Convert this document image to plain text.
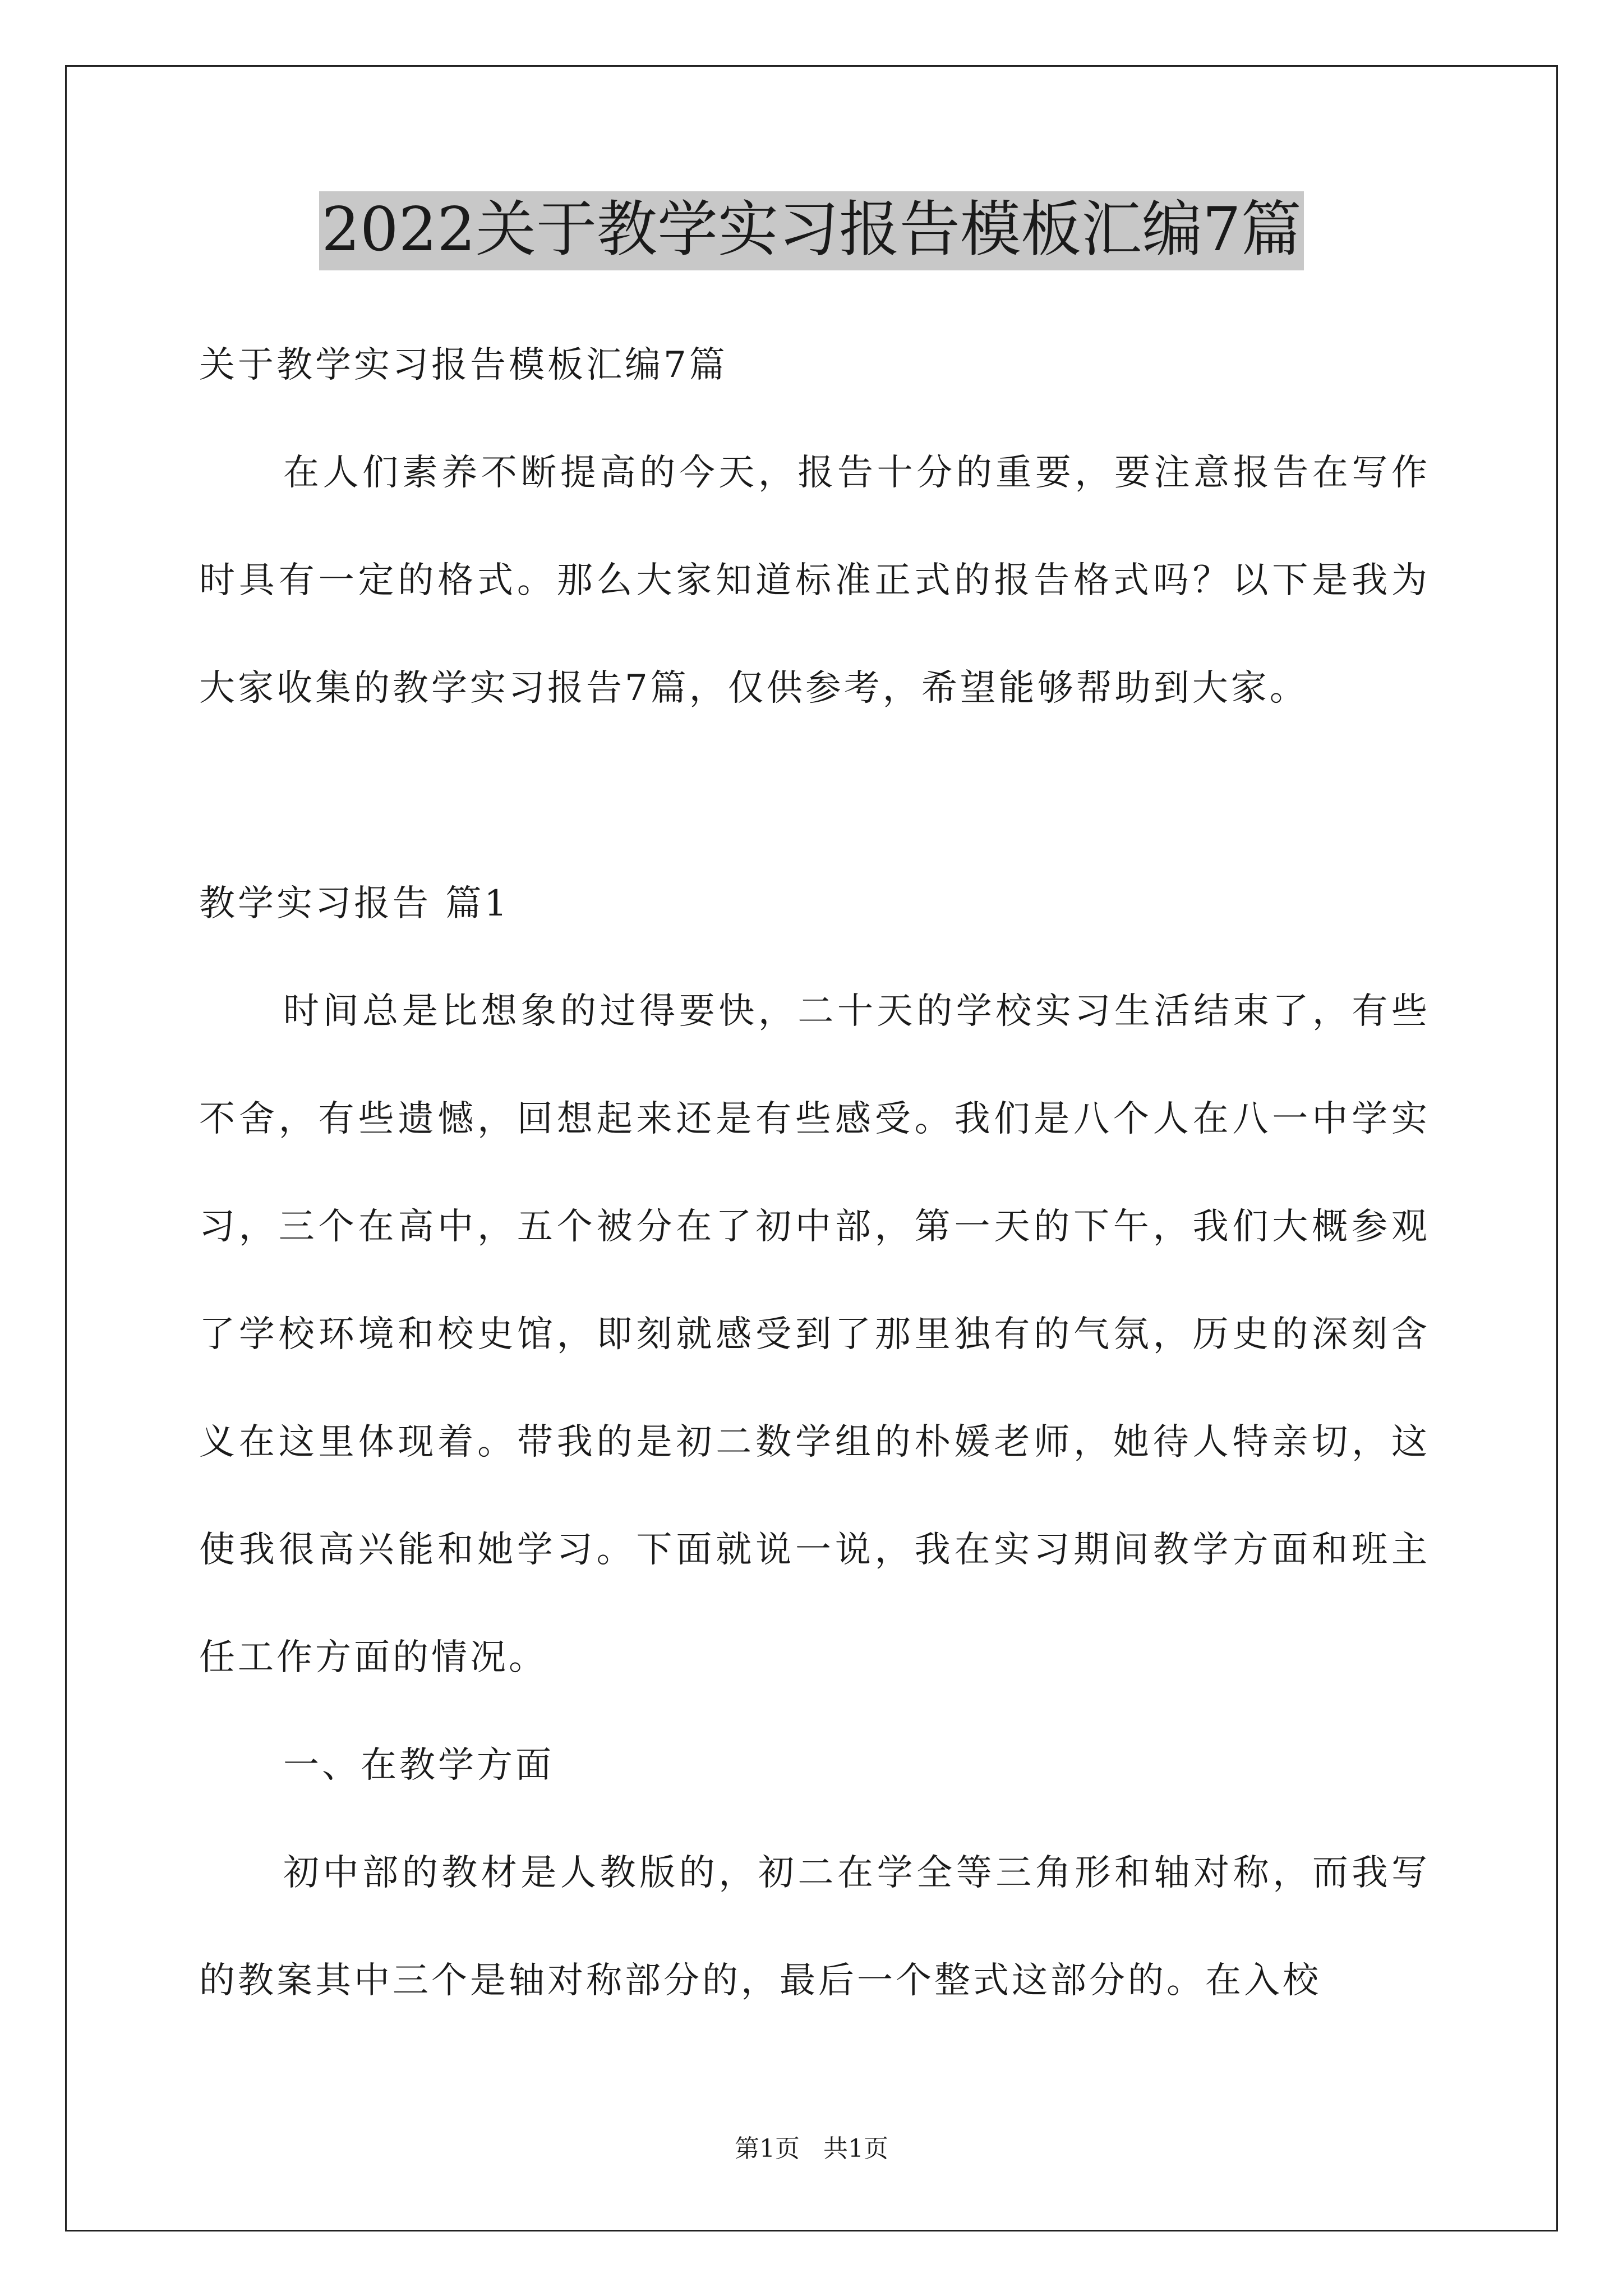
2022关于教学实习报告模板汇编7篇

关于教学实习报告模板汇编7篇

在人们素养不断提高的今天，报告十分的重要，要注意报告在写作时具有一定的格式。那么大家知道标准正式的报告格式吗？以下是我为大家收集的教学实习报告7篇，仅供参考，希望能够帮助到大家。

教学实习报告 篇1

时间总是比想象的过得要快，二十天的学校实习生活结束了，有些不舍，有些遗憾，回想起来还是有些感受。我们是八个人在八一中学实习，三个在高中，五个被分在了初中部，第一天的下午，我们大概参观了学校环境和校史馆，即刻就感受到了那里独有的气氛，历史的深刻含义在这里体现着。带我的是初二数学组的朴媛老师，她待人特亲切，这使我很高兴能和她学习。下面就说一说，我在实习期间教学方面和班主任工作方面的情况。

一、在教学方面

初中部的教材是人教版的，初二在学全等三角形和轴对称，而我写的教案其中三个是轴对称部分的，最后一个整式这部分的。在入校

第1页   共1页
